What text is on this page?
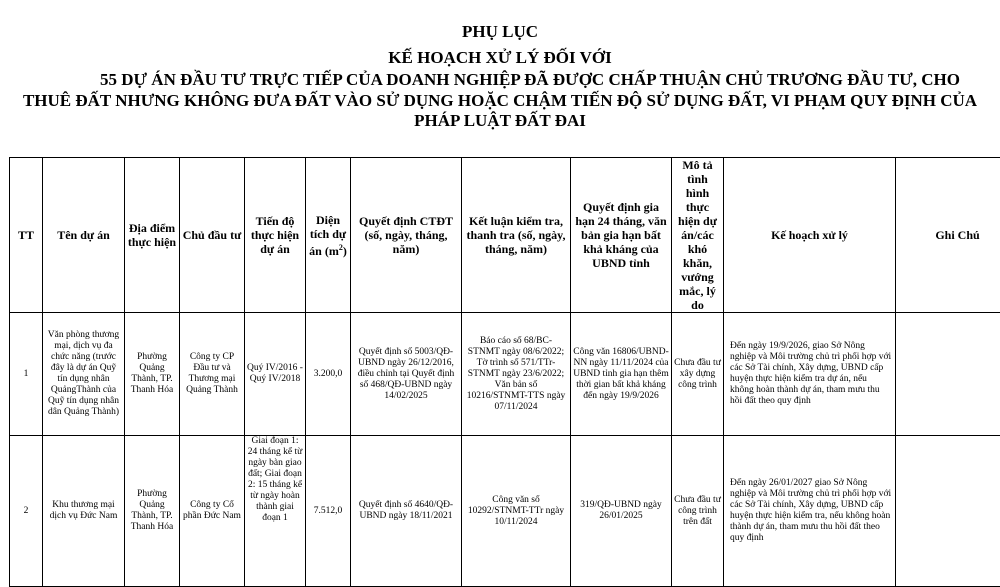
PHỤ LỤC
KẾ HOẠCH XỬ LÝ ĐỐI VỚI
55 DỰ ÁN ĐẦU TƯ TRỰC TIẾP CỦA DOANH NGHIỆP ĐÃ ĐƯỢC CHẤP THUẬN CHỦ TRƯƠNG ĐẦU TƯ, CHO
THUÊ ĐẤT NHƯNG KHÔNG ĐƯA ĐẤT VÀO SỬ DỤNG HOẶC CHẬM TIẾN ĐỘ SỬ DỤNG ĐẤT, VI PHẠM QUY ĐỊNH CỦA
PHÁP LUẬT ĐẤT ĐAI
TT	Tên dự án	Địa điểm thực hiện	Chủ đầu tư	Tiến độ thực hiện dự án	Diện tích dự án $(m^2)$	Quyết định CTĐT (số, ngày, tháng, năm)	Kết luận kiểm tra, thanh tra (số, ngày, tháng, năm)	Quyết định gia hạn 24 tháng, văn bản gia hạn bất khả kháng của UBND tỉnh	Mô tả tình hình thực hiện dự án/các khó khăn, vướng mắc, lý do	Kế hoạch xử lý	Ghi Chú
1	Văn phòng thương mại, dịch vụ đa chức năng (trước đây là dự án Quỹ tín dụng nhân QuảngThành của Quỹ tín dụng nhân dân Quảng Thành)	Phường Quảng Thành, TP. Thanh Hóa	Công ty CP Đầu tư và Thương mại Quảng Thành	Quý IV/2016 - Quý IV/2018	3.200,0	Quyết định số 5003/QĐ-UBND ngày 26/12/2016, điều chỉnh tại Quyết định số 468/QĐ-UBND ngày 14/02/2025	Báo cáo số 68/BC-STNMT ngày 08/6/2022; Tờ trình số 571/TTr-STNMT ngày 23/6/2022; Văn bản số 10216/STNMT-TTS ngày 07/11/2024	Công văn 16806/UBND-NN ngày 11/11/2024 của UBND tỉnh gia hạn thêm thời gian bất khả kháng đến ngày 19/9/2026	Chưa đầu tư xây dựng công trình	Đến ngày 19/9/2026, giao Sở Nông nghiệp và Môi trường chủ trì phối hợp với các Sở Tài chính, Xây dựng, UBND cấp huyện thực hiện kiểm tra dự án, nếu không hoàn thành dự án, tham mưu thu hồi đất theo quy định	
2	Khu thương mại dịch vụ Đức Nam	Phường Quảng Thành, TP. Thanh Hóa	Công ty Cổ phần Đức Nam	Giai đoạn 1: 24 tháng kể từ ngày bàn giao đất; Giai đoạn 2: 15 tháng kể từ ngày hoàn thành giai đoạn 1	7.512,0	Quyết định số 4640/QĐ-UBND ngày 18/11/2021	Công văn số 10292/STNMT-TTr ngày 10/11/2024	319/QĐ-UBND ngày 26/01/2025	Chưa đầu tư công trình trên đất	Đến ngày 26/01/2027 giao Sở Nông nghiệp và Môi trường chủ trì phối hợp với các Sở Tài chính, Xây dựng, UBND cấp huyện thực hiện kiểm tra, nếu không hoàn thành dự án, tham mưu thu hồi đất theo quy định	
